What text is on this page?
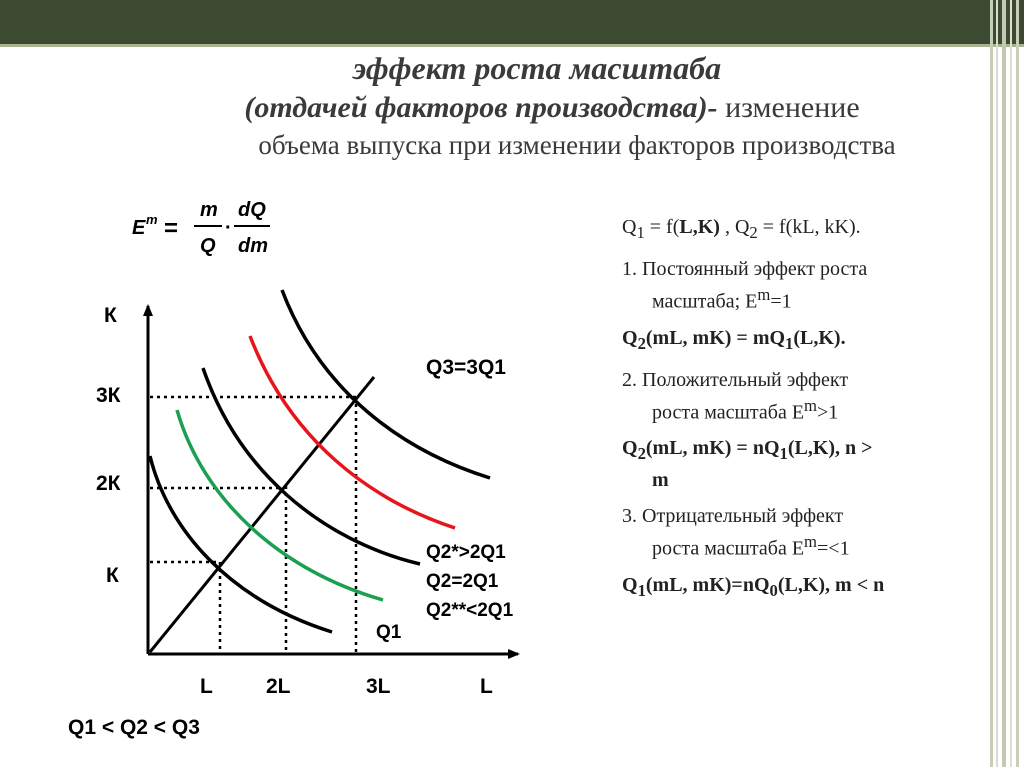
эффект роста масштаба
(отдачей факторов производства)- изменение
объема выпуска при изменении факторов производства
E m =
m
Q
·
dQ
dm
$Q_1 = f(L,K)$ , $Q_2 = f(kL$, kK).
1. Постоянный эффект роста
масштаба; $E^m=1$
$Q_2(mL$, $mK) = mQ_1(L,K)$.
2. Положительный эффект
роста масштаба $E^m>1$
$Q_2(mL$, $mK) = nQ_1(L,K)$, n >
m
3. Отрицательный эффект
роста масштаба $E^m=<1$
$Q_1(mL$, $mK)=nQ_0(L,K)$, m < n
К
3К
2К
К
L	2L	3L	L
Q3=3Q1
Q2*>2Q1
Q2=2Q1
Q2**<2Q1
Q1
Q1 < Q2 < Q3
